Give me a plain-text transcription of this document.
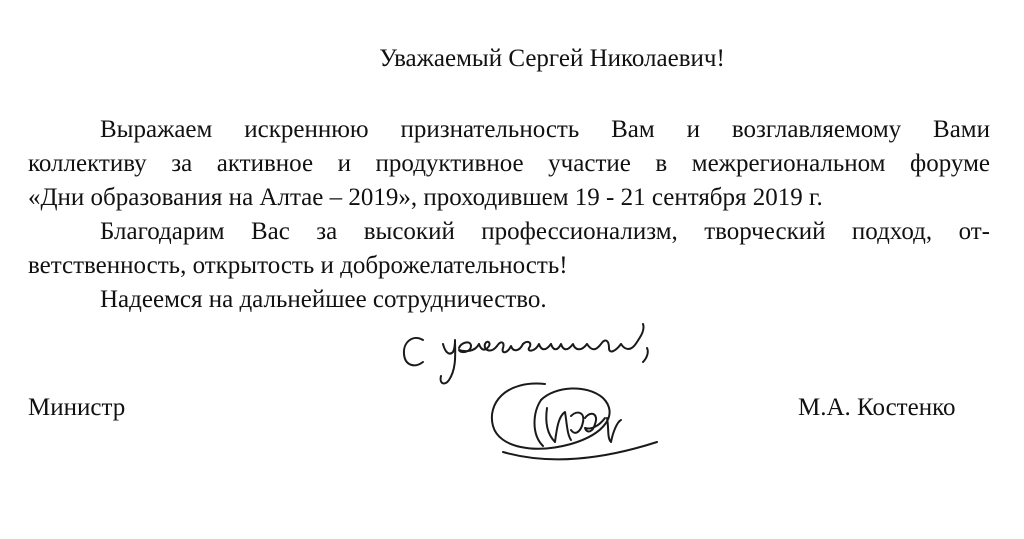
Уважаемый Сергей Николаевич!

Выражаем искреннюю признательность Вам и возглавляемому Вами
коллективу за активное и продуктивное участие в межрегиональном форуме
«Дни образования на Алтае – 2019», проходившем 19 - 21 сентября 2019 г.

Благодарим Вас за высокий профессионализм, творческий подход, от-
ветственность, открытость и доброжелательность!

Надеемся на дальнейшее сотрудничество.

Министр	М.А. Костенко
